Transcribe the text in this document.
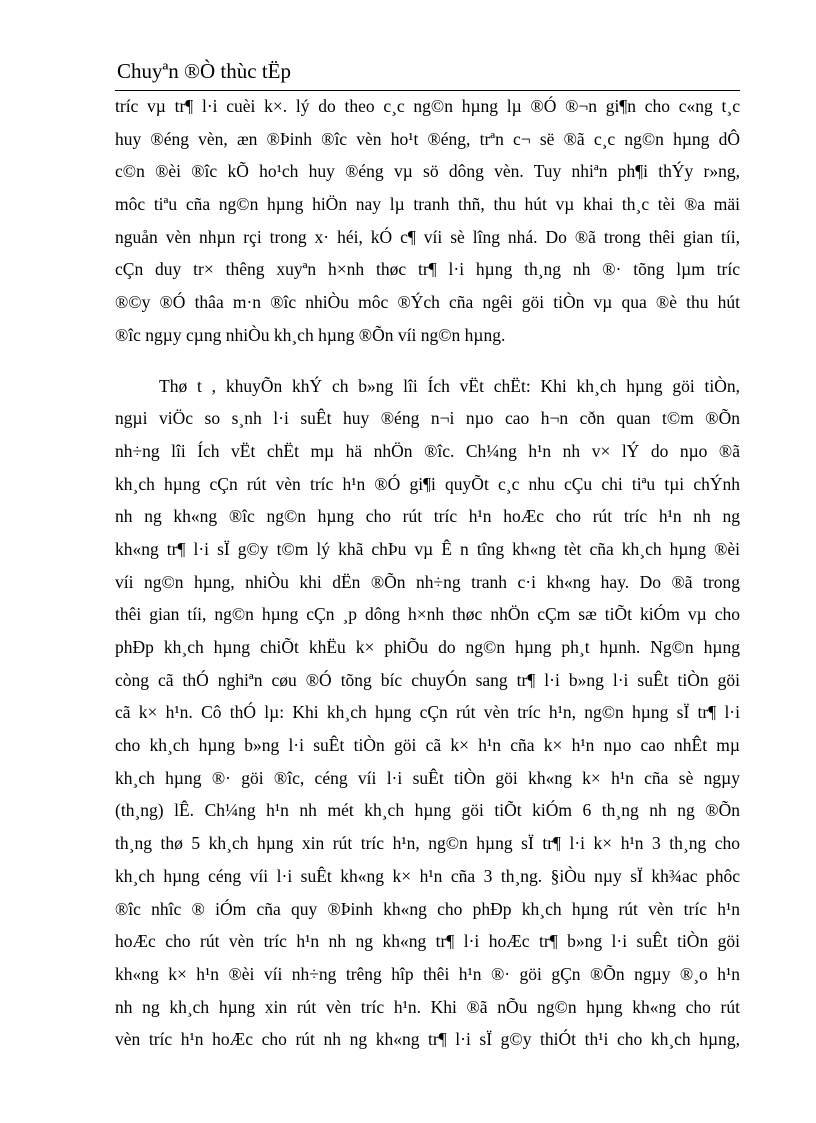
Chuyªn ®Ò thùc tËp
tríc vµ tr¶ l·i cuèi k×. lý do theo c¸c ng©n hµng lµ ®Ó ®¬n gi¶n cho c«ng t¸c
huy ®éng vèn, æn ®Þinh ®îc vèn ho¹t ®éng, trªn c¬ së ®ã c¸c ng©n hµng dÔ
c©n ®èi ®îc kÕ ho¹ch huy ®éng vµ sö dông vèn. Tuy nhiªn ph¶i thÝy r»ng,
môc tiªu cña ng©n hµng hiÖn nay lµ tranh thñ, thu hút vµ khai th¸c tèi ®a mäi
nguån vèn nhµn rçi trong x· héi, kÓ c¶ víi sè lîng nhá. Do ®ã trong thêi gian tíi,
cÇn duy tr× thêng xuyªn h×nh thøc tr¶ l·i hµng th¸ng nh ®· tõng lµm tríc
®©y ®Ó thâa m·n ®îc nhiÒu môc ®Ých cña ngêi göi tiÒn vµ qua ®è thu hút
®îc ngµy cµng nhiÒu kh¸ch hµng ®Õn víi ng©n hµng.
Thø t , khuyÕn khÝ ch b»ng lîi Ích vËt chËt: Khi kh¸ch hµng göi tiÒn,
ngµi viÖc so s¸nh l·i suÊt huy ®éng n¬i nµo cao h¬n cðn quan t©m ®Õn
nh÷ng lîi Ích vËt chËt mµ hä nhÖn ®îc. Ch¼ng h¹n nh v× lÝ do nµo ®ã
kh¸ch hµng cÇn rút vèn tríc h¹n ®Ó gi¶i quyÕt c¸c nhu cÇu chi tiªu tµi chÝnh
nh ng kh«ng ®îc ng©n hµng cho rút tríc h¹n hoÆc cho rút tríc h¹n nh ng
kh«ng tr¶ l·i sÏ g©y t©m lý khã chÞu vµ Ê n tîng kh«ng tèt cña kh¸ch hµng ®èi
víi ng©n hµng, nhiÒu khi dËn ®Õn nh÷ng tranh c·i kh«ng hay. Do ®ã trong
thêi gian tíi, ng©n hµng cÇn ¸p dông h×nh thøc nhÖn cÇm sæ tiÕt kiÓm vµ cho
phÐp kh¸ch hµng chiÕt khËu k× phiÕu do ng©n hµng ph¸t hµnh. Ng©n hµng
còng cã thÓ nghiªn cøu ®Ó tõng bíc chuyÓn sang tr¶ l·i b»ng l·i suÊt tiÒn göi
cã k× h¹n. Cô thÓ lµ: Khi kh¸ch hµng cÇn rút vèn tríc h¹n, ng©n hµng sÏ tr¶ l·i
cho kh¸ch hµng b»ng l·i suÊt tiÒn göi cã k× h¹n cña k× h¹n nµo cao nhÊt mµ
kh¸ch hµng ®· göi ®îc, céng víi l·i suÊt tiÒn göi kh«ng k× h¹n cña sè ngµy
(th¸ng) lÊ. Ch¼ng h¹n nh mét kh¸ch hµng göi tiÕt kiÓm 6 th¸ng nh ng ®Õn
th¸ng thø 5 kh¸ch hµng xin rút tríc h¹n, ng©n hµng sÏ tr¶ l·i k× h¹n 3 th¸ng cho
kh¸ch hµng céng víi l·i suÊt kh«ng k× h¹n cña 3 th¸ng. §iÒu nµy sÏ kh¾ac phôc
®îc nhîc ® iÓm cña quy ®Þinh kh«ng cho phÐp kh¸ch hµng rút vèn tríc h¹n
hoÆc cho rút vèn tríc h¹n nh ng kh«ng tr¶ l·i hoÆc tr¶ b»ng l·i suÊt tiÒn göi
kh«ng k× h¹n ®èi víi nh÷ng trêng hîp thêi h¹n ®· göi gÇn ®Õn ngµy ®¸o h¹n
nh ng kh¸ch hµng xin rút vèn tríc h¹n. Khi ®ã nÕu ng©n hµng kh«ng cho rút
vèn tríc h¹n hoÆc cho rút nh ng kh«ng tr¶ l·i sÏ g©y thiÓt th¹i cho kh¸ch hµng,
